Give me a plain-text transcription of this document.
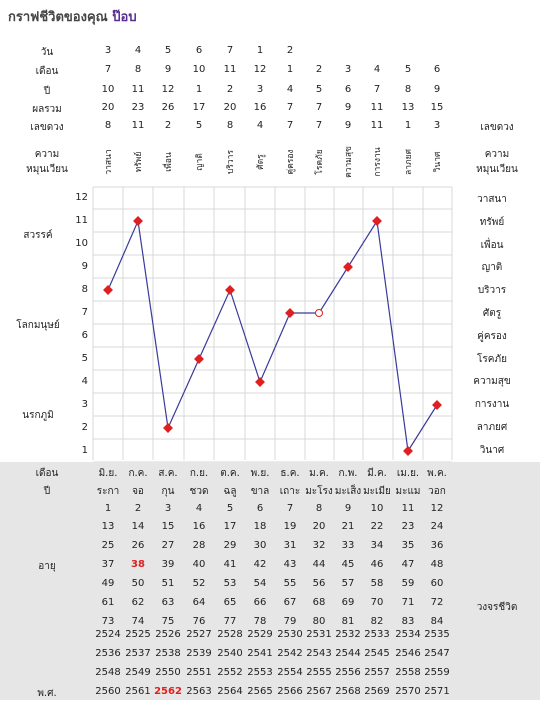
กราฟชีวิตของคุณ ป๊อบ
วัน	3	4	5	6	7	1	2
เดือน	7	8	9	10	11	12	1	2	3	4	5	6
ปี	10	11	12	1	2	3	4	5	6	7	8	9
ผลรวม	20	23	26	17	20	16	7	7	9	11	13	15
เลขดวง	8	11	2	5	8	4	7	7	9	11	1	3	เลขดวง
ความ
หมุนเวียน
ความ
หมุนเวียน
วาสนา	ทรัพย์	เพื่อน	ญาติ	บริวาร	ศัตรู	คู่ครอง	โรคภัย	ความสุข	การงาน	ลาภยศ	วินาศ
12
11
10
9
8
7
6
5
4
3
2
1
สวรรค์
โลกมนุษย์
นรกภูมิ
วาสนา
ทรัพย์
เพื่อน
ญาติ
บริวาร
ศัตรู
คู่ครอง
โรคภัย
ความสุข
การงาน
ลาภยศ
วินาศ
เดือน	มิ.ย.	ก.ค.	ส.ค.	ก.ย.	ต.ค.	พ.ย.	ธ.ค. ม.ค. ก.พ. มี.ค.	เม.ย. พ.ค.
ปี	ระกา	จอ	กุน	ชวด	ฉลู	ขาล	เถาะ มะโรง มะเส็ง มะเมีย มะแม วอก
1	2	3	4	5	6	7	8	9	10	11	12
13	14	15	16	17	18	19	20	21	22	23	24
25	26	27	28	29	30	31	32	33	34	35	36
37	38	39	40	41	42	43	44	45	46	47	48
49	50	51	52	53	54	55	56	57	58	59	60
61	62	63	64	65	66	67	68	69	70	71	72
73	74	75	76	77	78	79	80	81	82	83	84
อายุ
วงจรชีวิต
2524 2525 2526 2527 2528 2529 2530 2531 2532 2533 2534 2535
2536 2537 2538 2539 2540 2541 2542 2543 2544 2545 2546 2547
2548 2549 2550 2551 2552 2553 2554 2555 2556 2557 2558 2559
2560 2561 2562 2563 2564 2565 2566 2567 2568 2569 2570 2571
พ.ศ.
